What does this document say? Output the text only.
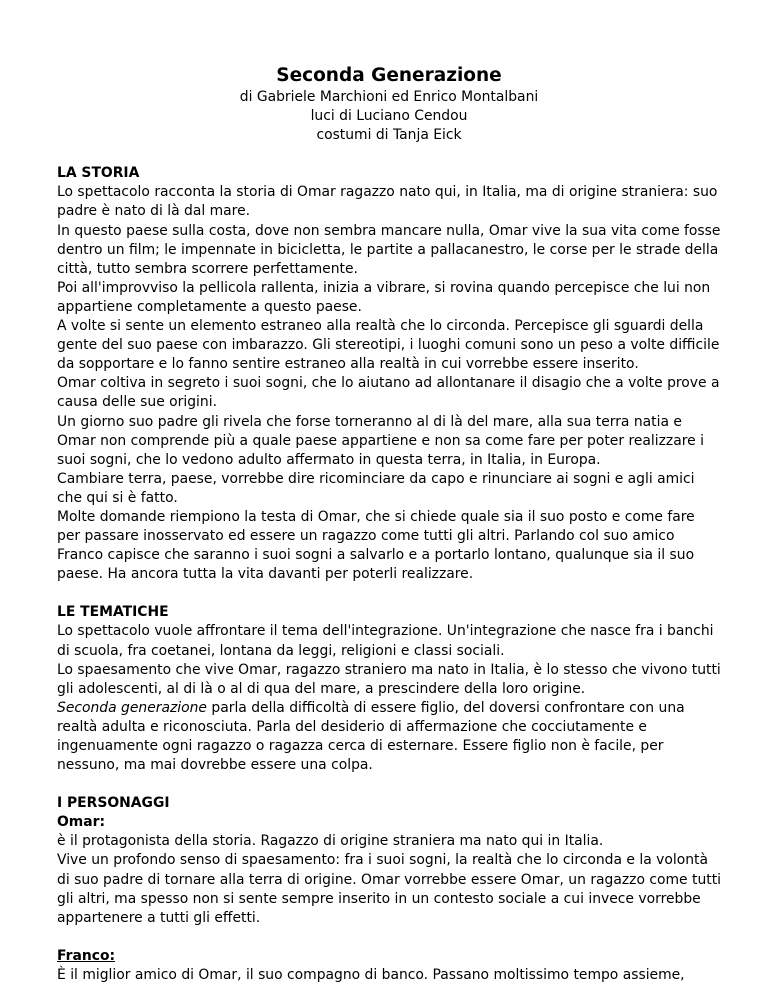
Seconda Generazione

di Gabriele Marchioni ed Enrico Montalbani

luci di Luciano Cendou

costumi di Tanja Eick

LA STORIA

Lo spettacolo racconta la storia di Omar ragazzo nato qui, in Italia, ma di origine straniera: suo padre è nato di là dal mare.

In questo paese sulla costa, dove non sembra mancare nulla, Omar vive la sua vita come fosse dentro un film; le impennate in bicicletta, le partite a pallacanestro, le corse per le strade della città, tutto sembra scorrere perfettamente.

Poi all'improvviso la pellicola rallenta, inizia a vibrare, si rovina quando percepisce che lui non appartiene completamente a questo paese.

A volte si sente un elemento estraneo alla realtà che lo circonda. Percepisce gli sguardi della gente del suo paese con imbarazzo. Gli stereotipi, i luoghi comuni sono un peso a volte difficile da sopportare e lo fanno sentire estraneo alla realtà in cui vorrebbe essere inserito.

Omar coltiva in segreto i suoi sogni, che lo aiutano ad allontanare il disagio che a volte prove a causa delle sue origini.

Un giorno suo padre gli rivela che forse torneranno al di là del mare, alla sua terra natia e Omar non comprende più a quale paese appartiene e non sa come fare per poter realizzare i suoi sogni, che lo vedono adulto affermato in questa terra, in Italia, in Europa.

Cambiare terra, paese, vorrebbe dire ricominciare da capo e rinunciare ai sogni e agli amici che qui si è fatto.

Molte domande riempiono la testa di Omar, che si chiede quale sia il suo posto e come fare per passare inosservato ed essere un ragazzo come tutti gli altri. Parlando col suo amico Franco capisce che saranno i suoi sogni a salvarlo e a portarlo lontano, qualunque sia il suo paese. Ha ancora tutta la vita davanti per poterli realizzare.

LE TEMATICHE

Lo spettacolo vuole affrontare il tema dell'integrazione. Un'integrazione che nasce fra i banchi di scuola, fra coetanei, lontana da leggi, religioni e classi sociali.

Lo spaesamento che vive Omar, ragazzo straniero ma nato in Italia, è lo stesso che vivono tutti gli adolescenti, al di là o al di qua del mare, a prescindere della loro origine.

Seconda generazione parla della difficoltà di essere figlio, del doversi confrontare con una realtà adulta e riconosciuta. Parla del desiderio di affermazione che cocciutamente e ingenuamente ogni ragazzo o ragazza cerca di esternare. Essere figlio non è facile, per nessuno, ma mai dovrebbe essere una colpa.

I PERSONAGGI

Omar:

è il protagonista della storia. Ragazzo di origine straniera ma nato qui in Italia.

Vive un profondo senso di spaesamento: fra i suoi sogni, la realtà che lo circonda e la volontà di suo padre di tornare alla terra di origine. Omar vorrebbe essere Omar, un ragazzo come tutti gli altri, ma spesso non si sente sempre inserito in un contesto sociale a cui invece vorrebbe appartenere a tutti gli effetti.

Franco:

È il miglior amico di Omar, il suo compagno di banco. Passano moltissimo tempo assieme,
